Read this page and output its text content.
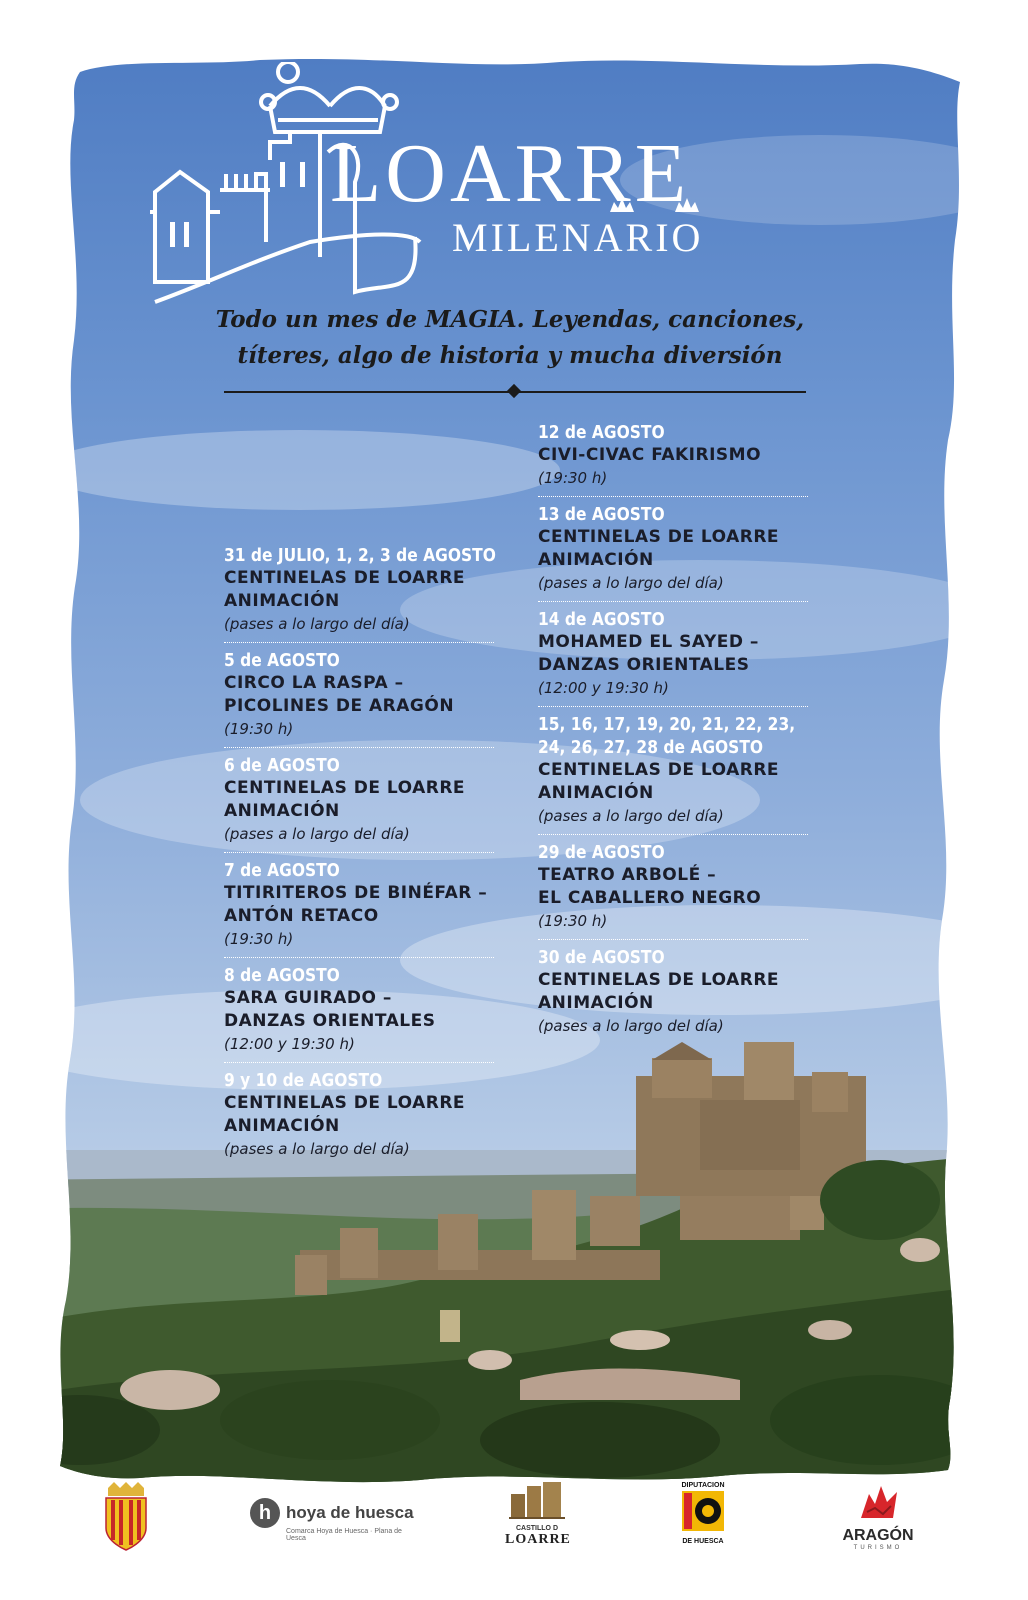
LOARRE
MILENARIO
Todo un mes de MAGIA. Leyendas, canciones,
títeres, algo de historia y mucha diversión
31 de JULIO, 1, 2, 3 de AGOSTO
CENTINELAS DE LOARRE
ANIMACIÓN
(pases a lo largo del día)
5 de AGOSTO
CIRCO LA RASPA –
PICOLINES DE ARAGÓN
(19:30 h)
6 de AGOSTO
CENTINELAS DE LOARRE
ANIMACIÓN
(pases a lo largo del día)
7 de AGOSTO
TITIRITEROS DE BINÉFAR –
ANTÓN RETACO
(19:30 h)
8 de AGOSTO
SARA GUIRADO –
DANZAS ORIENTALES
(12:00 y 19:30 h)
9 y 10 de AGOSTO
CENTINELAS DE LOARRE
ANIMACIÓN
(pases a lo largo del día)
12 de AGOSTO
CIVI-CIVAC FAKIRISMO
(19:30 h)
13 de AGOSTO
CENTINELAS DE LOARRE
ANIMACIÓN
(pases a lo largo del día)
14 de AGOSTO
MOHAMED EL SAYED –
DANZAS ORIENTALES
(12:00 y 19:30 h)
15, 16, 17, 19, 20, 21, 22, 23,
24, 26, 27, 28 de AGOSTO
CENTINELAS DE LOARRE
ANIMACIÓN
(pases a lo largo del día)
29 de AGOSTO
TEATRO ARBOLÉ –
EL CABALLERO NEGRO
(19:30 h)
30 de AGOSTO
CENTINELAS DE LOARRE
ANIMACIÓN
(pases a lo largo del día)
h hoya de huesca
Comarca Hoya de Huesca · Plana de Uesca
CASTILLO D
LOARRE
DIPUTACION
DE HUESCA	ARAGÓN
TURISMO
